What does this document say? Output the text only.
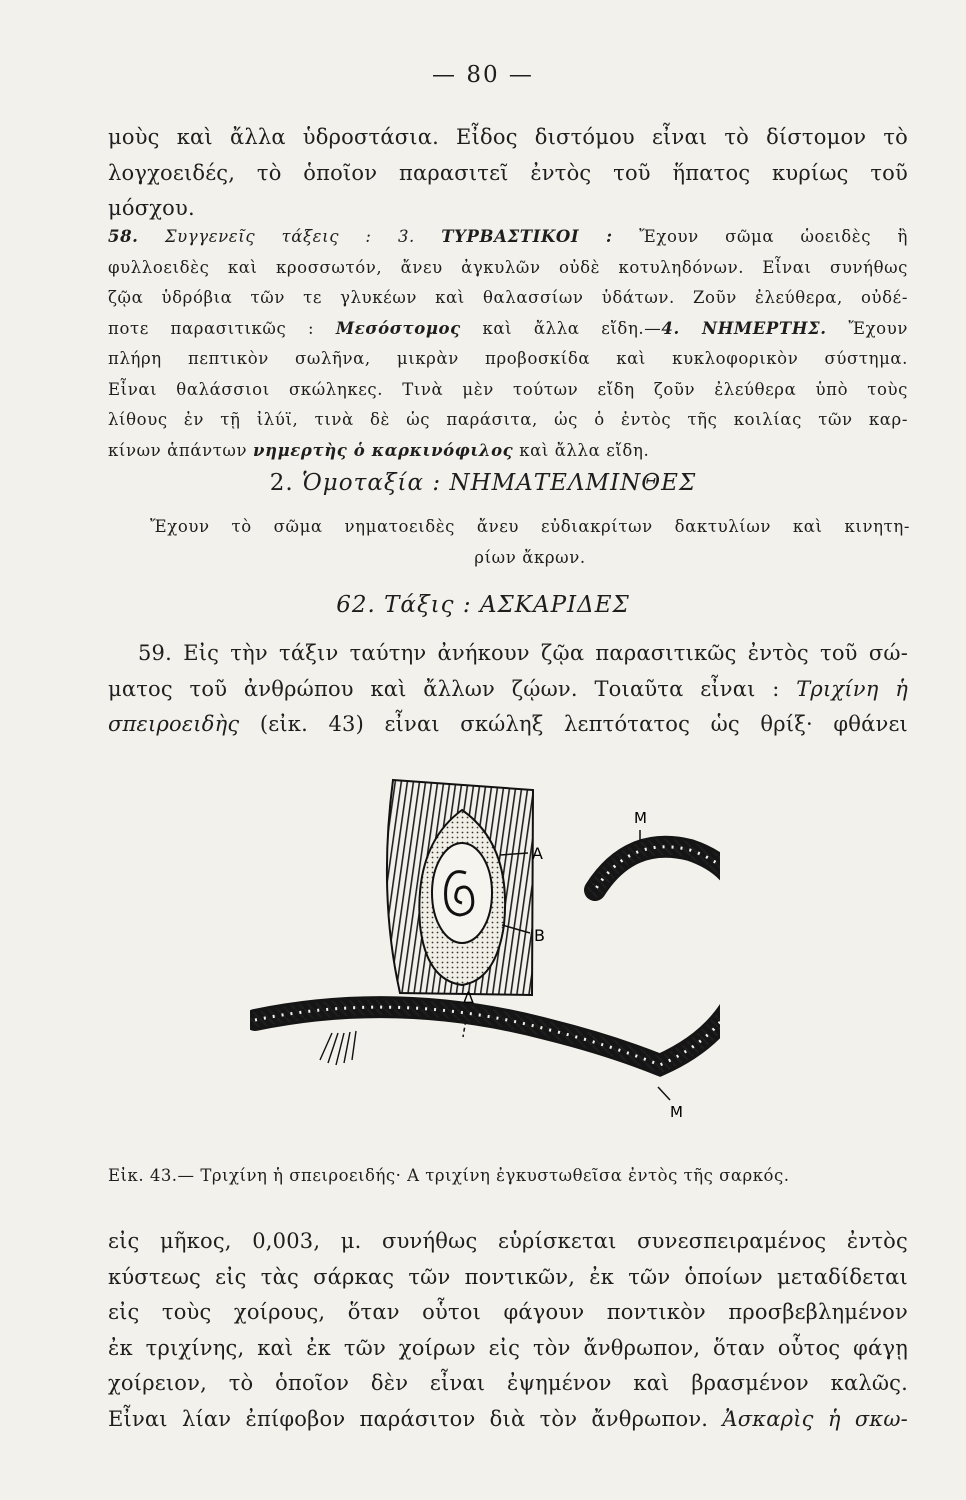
— 80 —
μοὺς καὶ ἄλλα ὑδροστάσια. Εἶδος διστόμου εἶναι τὸ δίστομον τὸ
λογχοειδές, τὸ ὁποῖον παρασιτεῖ ἐντὸς τοῦ ἥπατος κυρίως τοῦ
μόσχου.
58. Συγγενεῖς τάξεις : 3. ΤΥΡΒΑΣΤΙΚΟΙ : Ἔχουν σῶμα ὡοειδὲς ἢ
φυλλοειδὲς καὶ κροσσωτόν, ἄνευ ἀγκυλῶν οὐδὲ κοτυληδόνων. Εἶναι συνήθως
ζῷα ὑδρόβια τῶν τε γλυκέων καὶ θαλασσίων ὑδάτων. Ζοῦν ἐλεύθερα, οὐδέ-
ποτε παρασιτικῶς : Μεσόστομος καὶ ἄλλα εἴδη.—4. ΝΗΜΕΡΤΗΣ. Ἔχουν
πλήρη πεπτικὸν σωλῆνα, μικρὰν προβοσκίδα καὶ κυκλοφορικὸν σύστημα.
Εἶναι θαλάσσιοι σκώληκες. Τινὰ μὲν τούτων εἴδη ζοῦν ἐλεύθερα ὑπὸ τοὺς
λίθους ἐν τῇ ἰλύϊ, τινὰ δὲ ὡς παράσιτα, ὡς ὁ ἐντὸς τῆς κοιλίας τῶν καρ-
κίνων ἁπάντων νημερτὴς ὁ καρκινόφιλος καὶ ἄλλα εἴδη.
2. Ὁμοταξία : ΝΗΜΑΤΕΛΜΙΝΘΕΣ
Ἔχουν τὸ σῶμα νηματοειδὲς ἄνευ εὐδιακρίτων δακτυλίων καὶ κινητη-
ρίων ἄκρων.
62. Τάξις : ΑΣΚΑΡΙΔΕΣ
59. Εἰς τὴν τάξιν ταύτην ἀνήκουν ζῷα παρασιτικῶς ἐντὸς τοῦ σώ-
ματος τοῦ ἀνθρώπου καὶ ἄλλων ζῴων. Τοιαῦτα εἶναι : Τριχίνη ἡ
σπειροειδὴς (εἰκ. 43) εἶναι σκώληξ λεπτότατος ὡς θρίξ· φθάνει
A
B
Δ
M
M
Εἰκ. 43.— Τριχίνη ἡ σπειροειδής· Α τριχίνη ἐγκυστωθεῖσα ἐντὸς τῆς σαρκός.
εἰς μῆκος, 0,003, μ. συνήθως εὑρίσκεται συνεσπειραμένος ἐντὸς
κύστεως εἰς τὰς σάρκας τῶν ποντικῶν, ἐκ τῶν ὁποίων μεταδίδεται
εἰς τοὺς χοίρους, ὅταν οὗτοι φάγουν ποντικὸν προσβεβλημένον
ἐκ τριχίνης, καὶ ἐκ τῶν χοίρων εἰς τὸν ἄνθρωπον, ὅταν οὗτος φάγῃ
χοίρειον, τὸ ὁποῖον δὲν εἶναι ἐψημένον καὶ βρασμένον καλῶς.
Εἶναι λίαν ἐπίφοβον παράσιτον διὰ τὸν ἄνθρωπον. Ἀσκαρὶς ἡ σκω-
